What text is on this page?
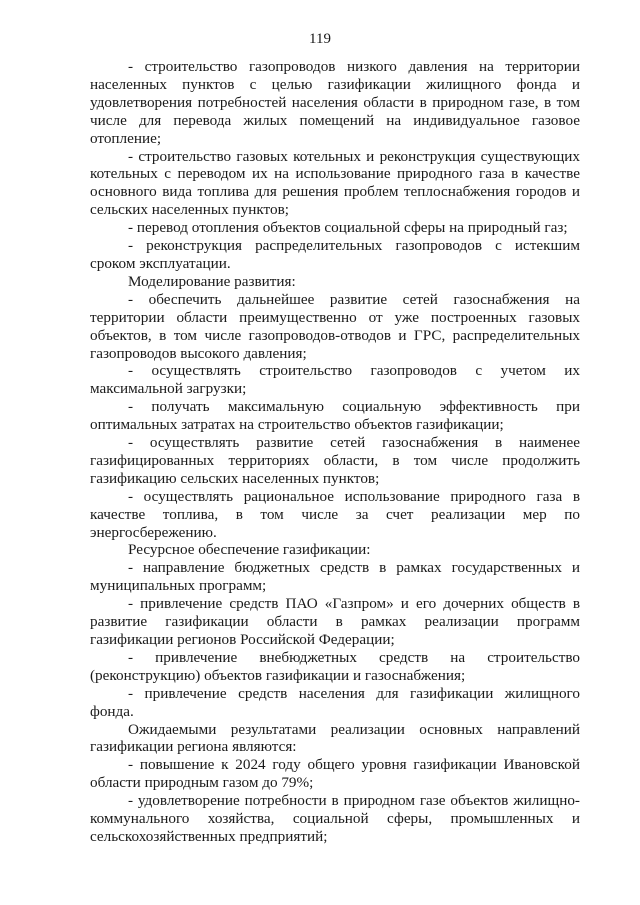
119

- строительство газопроводов низкого давления на территории населенных пунктов с целью газификации жилищного фонда и удовлетворения потребностей населения области в природном газе, в том числе для перевода жилых помещений на индивидуальное газовое отопление;

- строительство газовых котельных и реконструкция существующих котельных с переводом их на использование природного газа в качестве основного вида топлива для решения проблем теплоснабжения городов и сельских населенных пунктов;

- перевод отопления объектов социальной сферы на природный газ;

- реконструкция распределительных газопроводов с истекшим сроком эксплуатации.

Моделирование развития:

- обеспечить дальнейшее развитие сетей газоснабжения на территории области преимущественно от уже построенных газовых объектов, в том числе газопроводов-отводов и ГРС, распределительных газопроводов высокого давления;

- осуществлять строительство газопроводов с учетом их максимальной загрузки;

- получать максимальную социальную эффективность при оптимальных затратах на строительство объектов газификации;

- осуществлять развитие сетей газоснабжения в наименее газифицированных территориях области, в том числе продолжить газификацию сельских населенных пунктов;

- осуществлять рациональное использование природного газа в качестве топлива, в том числе за счет реализации мер по энергосбережению.

Ресурсное обеспечение газификации:

- направление бюджетных средств в рамках государственных и муниципальных программ;

- привлечение средств ПАО «Газпром» и его дочерних обществ в развитие газификации области в рамках реализации программ газификации регионов Российской Федерации;

- привлечение внебюджетных средств на строительство (реконструкцию) объектов газификации и газоснабжения;

- привлечение средств населения для газификации жилищного фонда.

Ожидаемыми результатами реализации основных направлений газификации региона являются:

- повышение к 2024 году общего уровня газификации Ивановской области природным газом до 79%;

- удовлетворение потребности в природном газе объектов жилищно-коммунального хозяйства, социальной сферы, промышленных и сельскохозяйственных предприятий;
